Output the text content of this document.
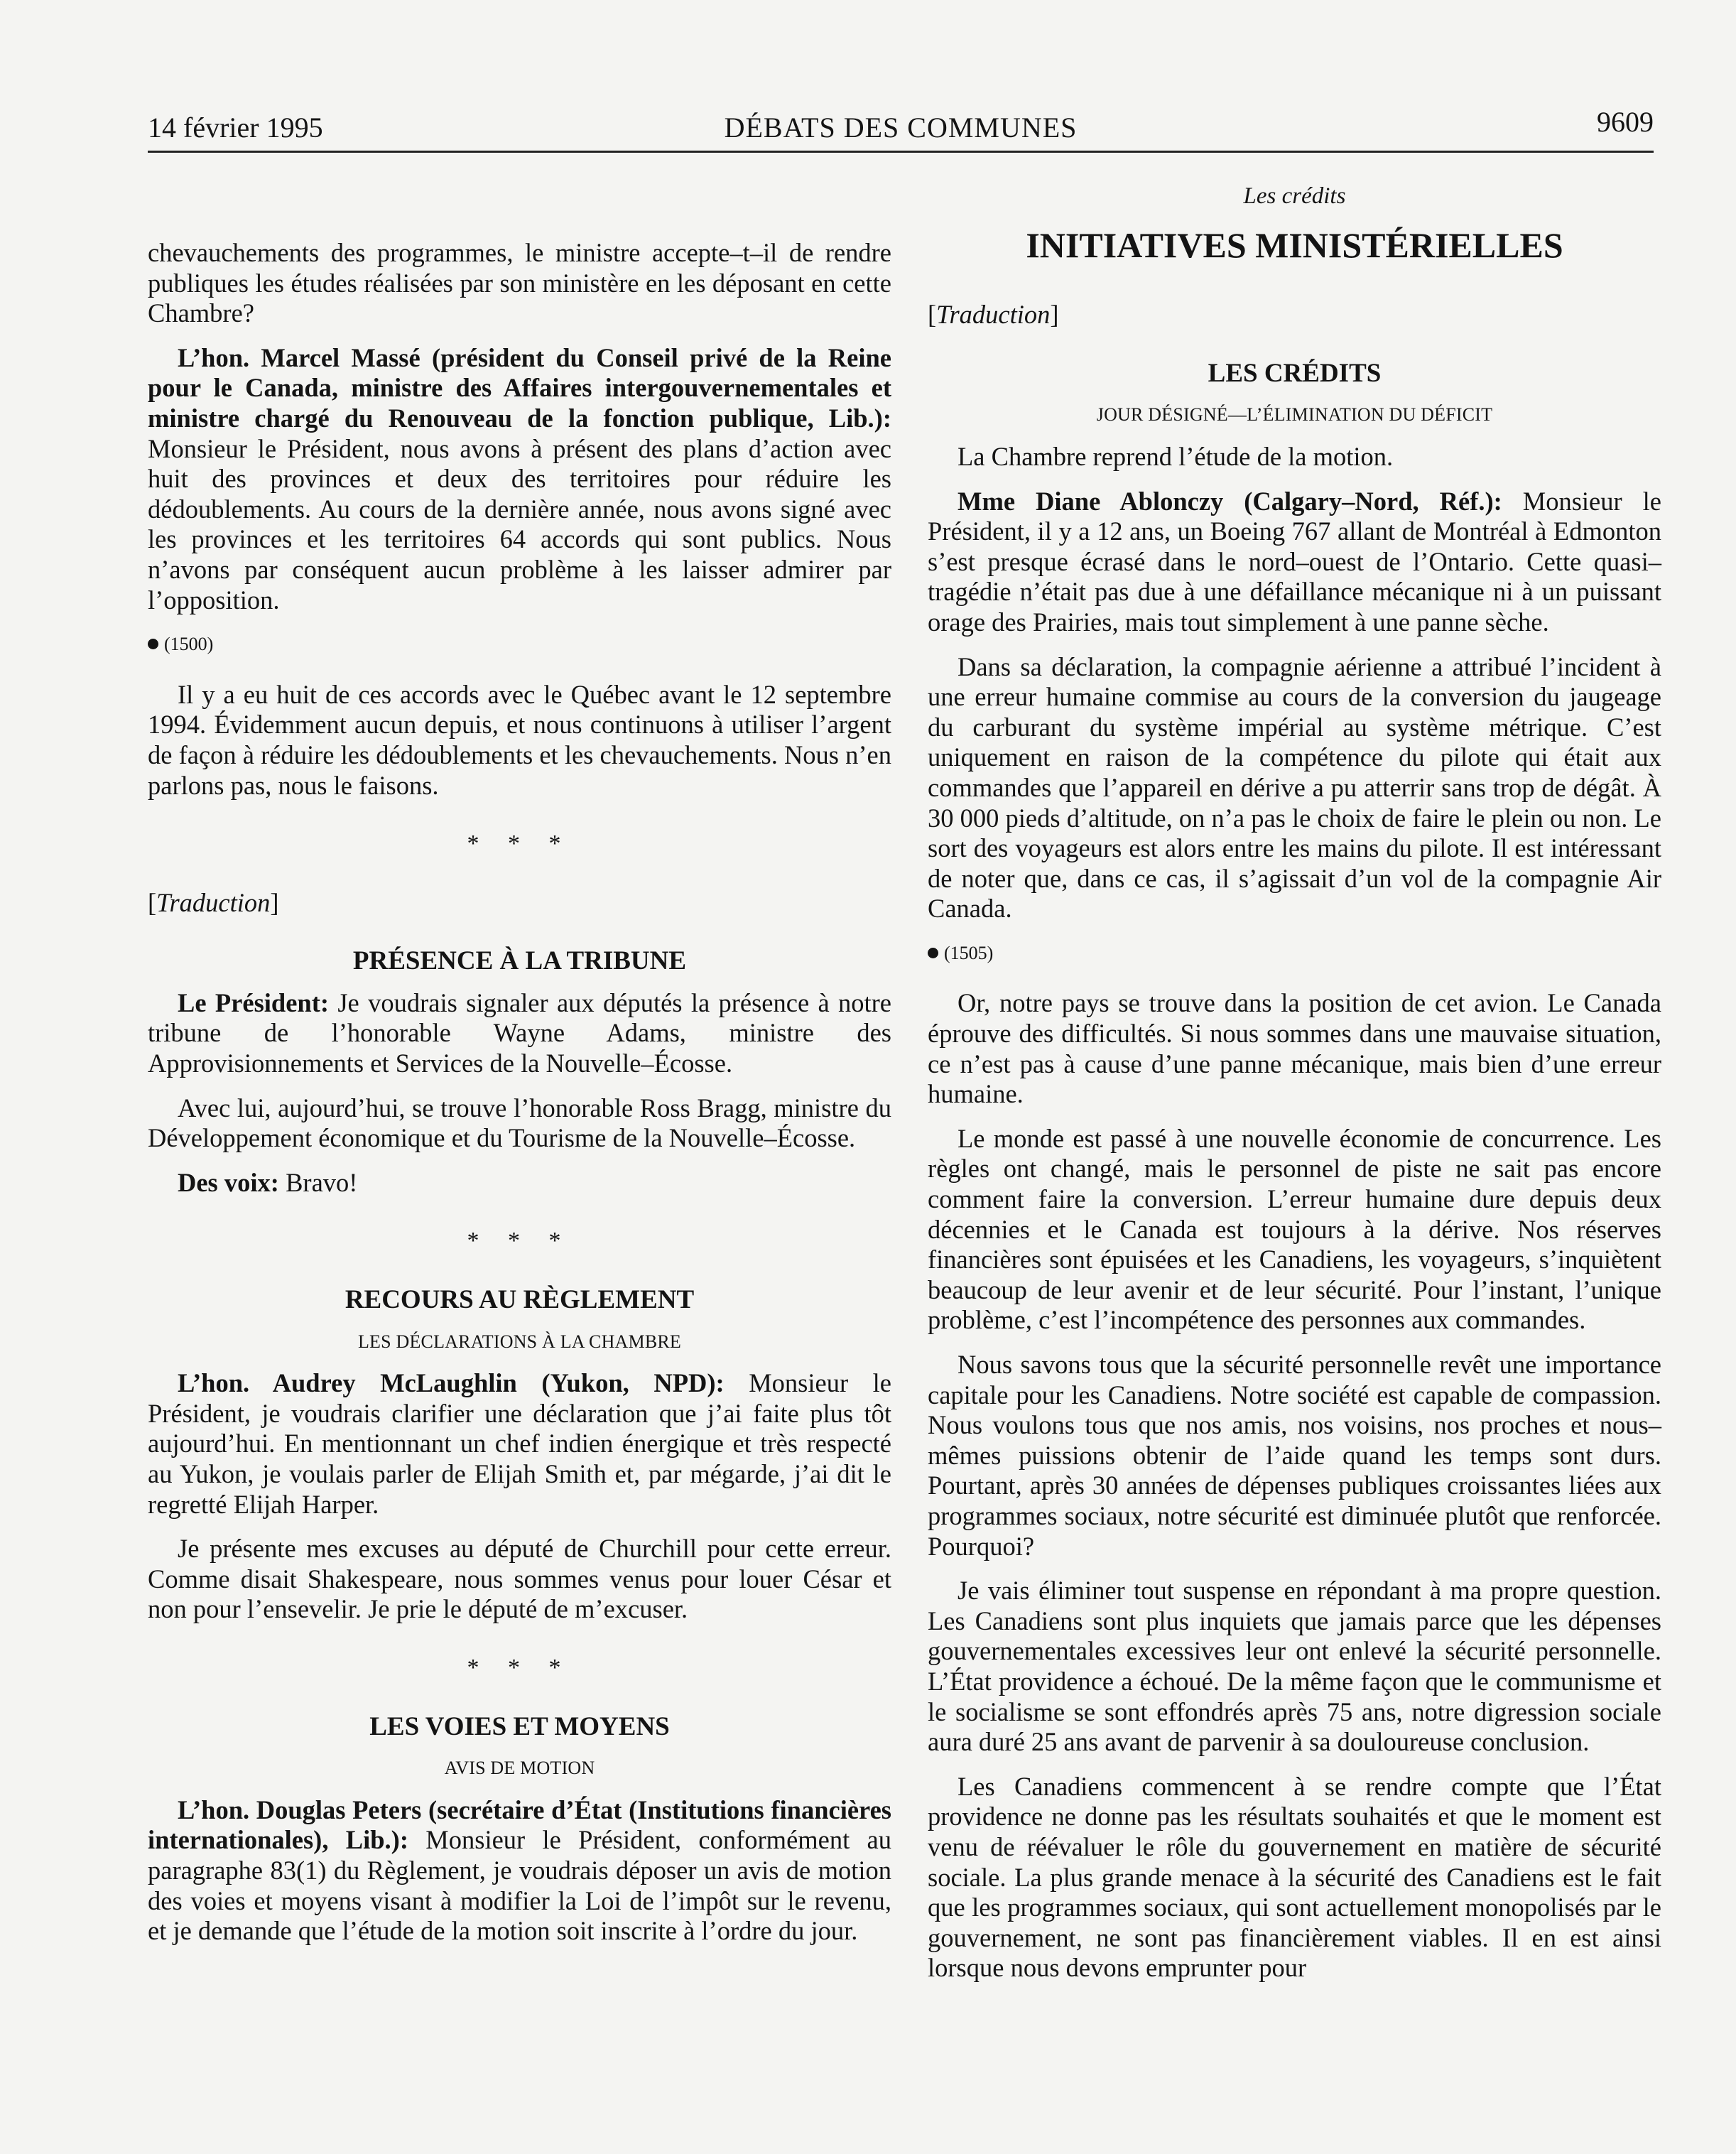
14 février 1995	DÉBATS DES COMMUNES	9609

chevauchements des programmes, le ministre accepte–t–il de rendre publiques les études réalisées par son ministère en les déposant en cette Chambre?

L’hon. Marcel Massé (président du Conseil privé de la Reine pour le Canada, ministre des Affaires intergouvernementales et ministre chargé du Renouveau de la fonction publique, Lib.): Monsieur le Président, nous avons à présent des plans d’action avec huit des provinces et deux des territoires pour réduire les dédoublements. Au cours de la dernière année, nous avons signé avec les provinces et les territoires 64 accords qui sont publics. Nous n’avons par conséquent aucun problème à les laisser admirer par l’opposition.

(1500)

Il y a eu huit de ces accords avec le Québec avant le 12 septembre 1994. Évidemment aucun depuis, et nous continuons à utiliser l’argent de façon à réduire les dédoublements et les chevauchements. Nous n’en parlons pas, nous le faisons.

* * *
[Traduction]
PRÉSENCE À LA TRIBUNE

Le Président: Je voudrais signaler aux députés la présence à notre tribune de l’honorable Wayne Adams, ministre des Approvisionnements et Services de la Nouvelle–Écosse.

Avec lui, aujourd’hui, se trouve l’honorable Ross Bragg, ministre du Développement économique et du Tourisme de la Nouvelle–Écosse.

Des voix: Bravo!

* * *
RECOURS AU RÈGLEMENT
LES DÉCLARATIONS À LA CHAMBRE

L’hon. Audrey McLaughlin (Yukon, NPD): Monsieur le Président, je voudrais clarifier une déclaration que j’ai faite plus tôt aujourd’hui. En mentionnant un chef indien énergique et très respecté au Yukon, je voulais parler de Elijah Smith et, par mégarde, j’ai dit le regretté Elijah Harper.

Je présente mes excuses au député de Churchill pour cette erreur. Comme disait Shakespeare, nous sommes venus pour louer César et non pour l’ensevelir. Je prie le député de m’excuser.

* * *
LES VOIES ET MOYENS
AVIS DE MOTION

L’hon. Douglas Peters (secrétaire d’État (Institutions financières internationales), Lib.): Monsieur le Président, conformément au paragraphe 83(1) du Règlement, je voudrais déposer un avis de motion des voies et moyens visant à modifier la Loi de l’impôt sur le revenu, et je demande que l’étude de la motion soit inscrite à l’ordre du jour.

Les crédits
INITIATIVES MINISTÉRIELLES
[Traduction]
LES CRÉDITS
JOUR DÉSIGNÉ—L’ÉLIMINATION DU DÉFICIT

La Chambre reprend l’étude de la motion.

Mme Diane Ablonczy (Calgary–Nord, Réf.): Monsieur le Président, il y a 12 ans, un Boeing 767 allant de Montréal à Edmonton s’est presque écrasé dans le nord–ouest de l’Ontario. Cette quasi–tragédie n’était pas due à une défaillance mécanique ni à un puissant orage des Prairies, mais tout simplement à une panne sèche.

Dans sa déclaration, la compagnie aérienne a attribué l’incident à une erreur humaine commise au cours de la conversion du jaugeage du carburant du système impérial au système métrique. C’est uniquement en raison de la compétence du pilote qui était aux commandes que l’appareil en dérive a pu atterrir sans trop de dégât. À 30 000 pieds d’altitude, on n’a pas le choix de faire le plein ou non. Le sort des voyageurs est alors entre les mains du pilote. Il est intéressant de noter que, dans ce cas, il s’agissait d’un vol de la compagnie Air Canada.

(1505)

Or, notre pays se trouve dans la position de cet avion. Le Canada éprouve des difficultés. Si nous sommes dans une mauvaise situation, ce n’est pas à cause d’une panne mécanique, mais bien d’une erreur humaine.

Le monde est passé à une nouvelle économie de concurrence. Les règles ont changé, mais le personnel de piste ne sait pas encore comment faire la conversion. L’erreur humaine dure depuis deux décennies et le Canada est toujours à la dérive. Nos réserves financières sont épuisées et les Canadiens, les voyageurs, s’inquiètent beaucoup de leur avenir et de leur sécurité. Pour l’instant, l’unique problème, c’est l’incompétence des personnes aux commandes.

Nous savons tous que la sécurité personnelle revêt une importance capitale pour les Canadiens. Notre société est capable de compassion. Nous voulons tous que nos amis, nos voisins, nos proches et nous–mêmes puissions obtenir de l’aide quand les temps sont durs. Pourtant, après 30 années de dépenses publiques croissantes liées aux programmes sociaux, notre sécurité est diminuée plutôt que renforcée. Pourquoi?

Je vais éliminer tout suspense en répondant à ma propre question. Les Canadiens sont plus inquiets que jamais parce que les dépenses gouvernementales excessives leur ont enlevé la sécurité personnelle. L’État providence a échoué. De la même façon que le communisme et le socialisme se sont effondrés après 75 ans, notre digression sociale aura duré 25 ans avant de parvenir à sa douloureuse conclusion.

Les Canadiens commencent à se rendre compte que l’État providence ne donne pas les résultats souhaités et que le moment est venu de réévaluer le rôle du gouvernement en matière de sécurité sociale. La plus grande menace à la sécurité des Canadiens est le fait que les programmes sociaux, qui sont actuellement monopolisés par le gouvernement, ne sont pas financièrement viables. Il en est ainsi lorsque nous devons emprunter pour
